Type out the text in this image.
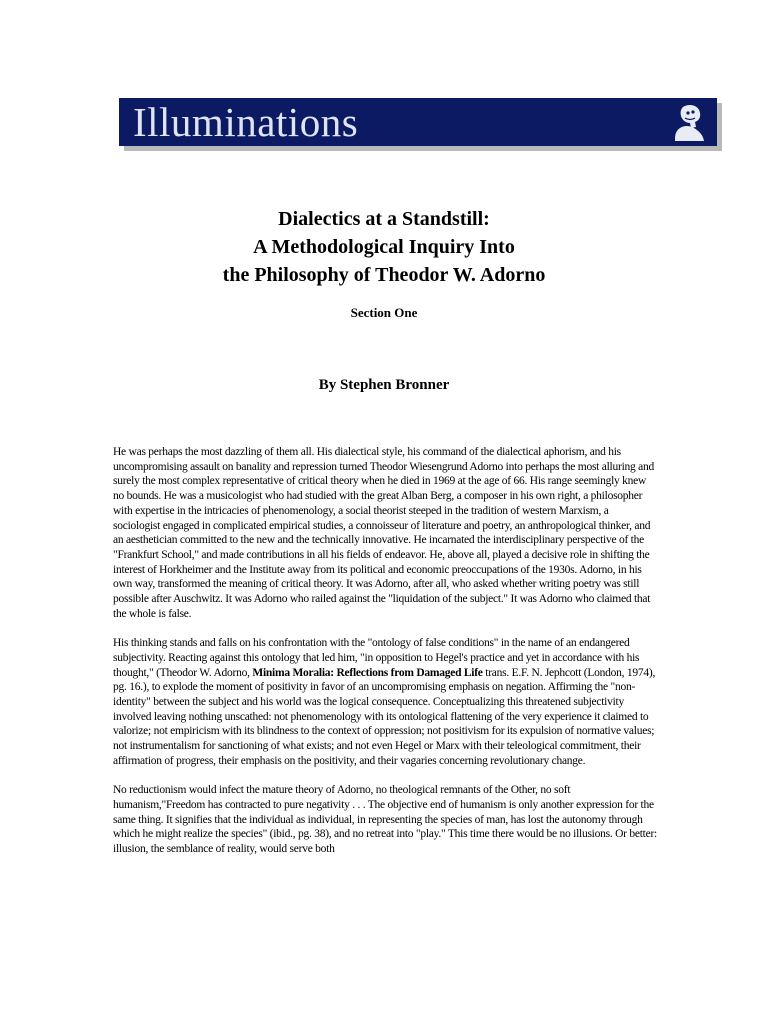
Illuminations
Dialectics at a Standstill:
A Methodological Inquiry Into
the Philosophy of Theodor W. Adorno
Section One
By Stephen Bronner

He was perhaps the most dazzling of them all. His dialectical style, his command of the dialectical aphorism, and his uncompromising assault on banality and repression turned Theodor Wiesengrund Adorno into perhaps the most alluring and surely the most complex representative of critical theory when he died in 1969 at the age of 66. His range seemingly knew no bounds. He was a musicologist who had studied with the great Alban Berg, a composer in his own right, a philosopher with expertise in the intricacies of phenomenology, a social theorist steeped in the tradition of western Marxism, a sociologist engaged in complicated empirical studies, a connoisseur of literature and poetry, an anthropological thinker, and an aesthetician committed to the new and the technically innovative. He incarnated the interdisciplinary perspective of the "Frankfurt School," and made contributions in all his fields of endeavor. He, above all, played a decisive role in shifting the interest of Horkheimer and the Institute away from its political and economic preoccupations of the 1930s. Adorno, in his own way, transformed the meaning of critical theory. It was Adorno, after all, who asked whether writing poetry was still possible after Auschwitz. It was Adorno who railed against the "liquidation of the subject." It was Adorno who claimed that the whole is false.

His thinking stands and falls on his confrontation with the "ontology of false conditions" in the name of an endangered subjectivity. Reacting against this ontology that led him, "in opposition to Hegel's practice and yet in accordance with his thought," (Theodor W. Adorno, Minima Moralia: Reflections from Damaged Life trans. E.F. N. Jephcott (London, 1974), pg. 16.), to explode the moment of positivity in favor of an uncompromising emphasis on negation. Affirming the "non-identity" between the subject and his world was the logical consequence. Conceptualizing this threatened subjectivity involved leaving nothing unscathed: not phenomenology with its ontological flattening of the very experience it claimed to valorize; not empiricism with its blindness to the context of oppression; not positivism for its expulsion of normative values; not instrumentalism for sanctioning of what exists; and not even Hegel or Marx with their teleological commitment, their affirmation of progress, their emphasis on the positivity, and their vagaries concerning revolutionary change.

No reductionism would infect the mature theory of Adorno, no theological remnants of the Other, no soft humanism,"Freedom has contracted to pure negativity . . . The objective end of humanism is only another expression for the same thing. It signifies that the individual as individual, in representing the species of man, has lost the autonomy through which he might realize the species" (ibid., pg. 38), and no retreat into "play." This time there would be no illusions. Or better: illusion, the semblance of reality, would serve both
